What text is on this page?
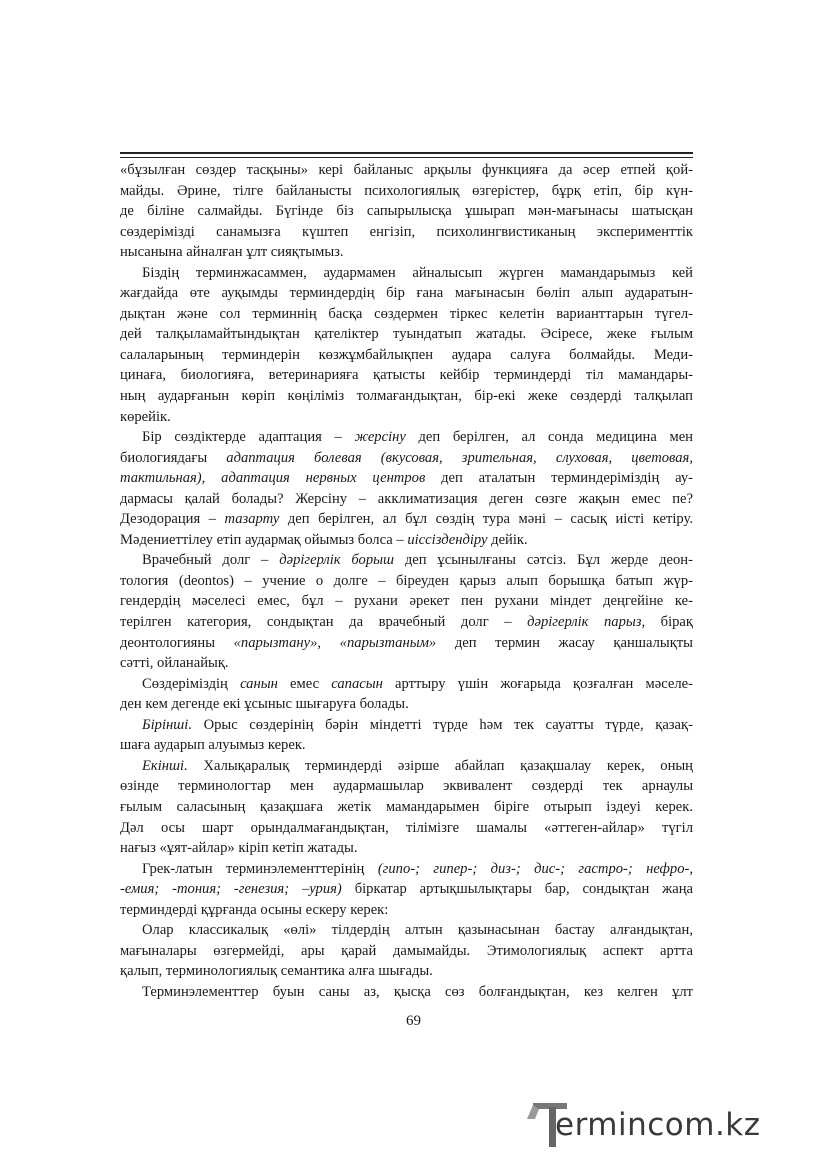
«бұзылған сөздер тасқыны» кері байланыс арқылы функцияға да әсер етпей қой-
майды. Әрине, тілге байланысты психологиялық өзгерістер, бұрқ етіп, бір күн-
де біліне салмайды. Бүгінде біз сапырылысқа ұшырап мән-мағынасы шатысқан
сөздерімізді санамызға күштеп енгізіп, психолингвистиканың эксперименттік
нысанына айналған ұлт сияқтымыз.
Біздің терминжасаммен, аудармамен айналысып жүрген мамандарымыз кей
жағдайда өте ауқымды терминдердің бір ғана мағынасын бөліп алып аударатын-
дықтан және сол терминнің басқа сөздермен тіркес келетін варианттарын түгел-
дей талқыламайтындықтан қателіктер туындатып жатады. Әсіресе, жеке ғылым
салаларының терминдерін көзжұмбайлықпен аудара салуға болмайды. Меди-
цинаға, биологияға, ветеринарияға қатысты кейбір терминдерді тіл мамандары-
ның аударғанын көріп көңіліміз толмағандықтан, бір-екі жеке сөздерді талқылап
көрейік.
Бір сөздіктерде адаптация – жерсіну деп берілген, ал сонда медицина мен
биологиядағы адаптация болевая (вкусовая, зрительная, слуховая, цветовая,
тактильная), адаптация нервных центров деп аталатын терминдерімiздің ау-
дармасы қалай болады? Жерсіну – акклиматизация деген сөзге жақын емес пе?
Дезодорация – тазарту деп берілген, ал бұл сөздің тура мәні – сасық иісті кетіру.
Мәдениеттілеу етіп аудармақ ойымыз болса – иіссіздендіру дейік.
Врачебный долг – дәрігерлік борыш деп ұсынылғаны сәтсіз. Бұл жерде деон-
тология (deontos) – учение о долге – біреуден қарыз алып борышқа батып жүр-
гендердің мәселесі емес, бұл – рухани әрекет пен рухани міндет деңгейіне ке-
терілген категория, сондықтан да врачебный долг – дәрігерлік парыз, бірақ
деонтологияны «парызтану», «парызтаным» деп термин жасау қаншалықты
сәтті, ойланайық.
Сөздеріміздің санын емес сапасын арттыру үшін жоғарыда қозғалған мәселе-
ден кем дегенде екі ұсыныс шығаруға болады.
Бірінші. Орыс сөздерінің бәрін міндетті түрде һәм тек сауатты түрде, қазақ-
шаға аударып алуымыз керек.
Екінші. Халықаралық терминдерді әзірше абайлап қазақшалау керек, оның
өзінде терминологтар мен аудармашылар эквивалент сөздерді тек арнаулы
ғылым саласының қазақшаға жетік мамандарымен біріге отырып іздеуі керек.
Дәл осы шарт орындалмағандықтан, тілімізге шамалы «әттеген-айлар» түгіл
нағыз «ұят-айлар» кіріп кетіп жатады.
Грек-латын терминэлементтерінің (гипо-; гипер-; диз-; дис-; гастро-; нефро-,
-емия; -тония; -генезия; –урия) біркатар артықшылықтары бар, сондықтан жаңа
терминдерді құрғанда осыны ескеру керек:
Олар классикалық «өлі» тілдердің алтын қазынасынан бастау алғандықтан,
мағыналары өзгермейді, ары қарай дамымайды. Этимологиялық аспект артта
қалып, терминологиялық семантика алға шығады.
Терминэлементтер буын саны аз, қысқа сөз болғандықтан, кез келген ұлт
69
T
ermincom.kz
